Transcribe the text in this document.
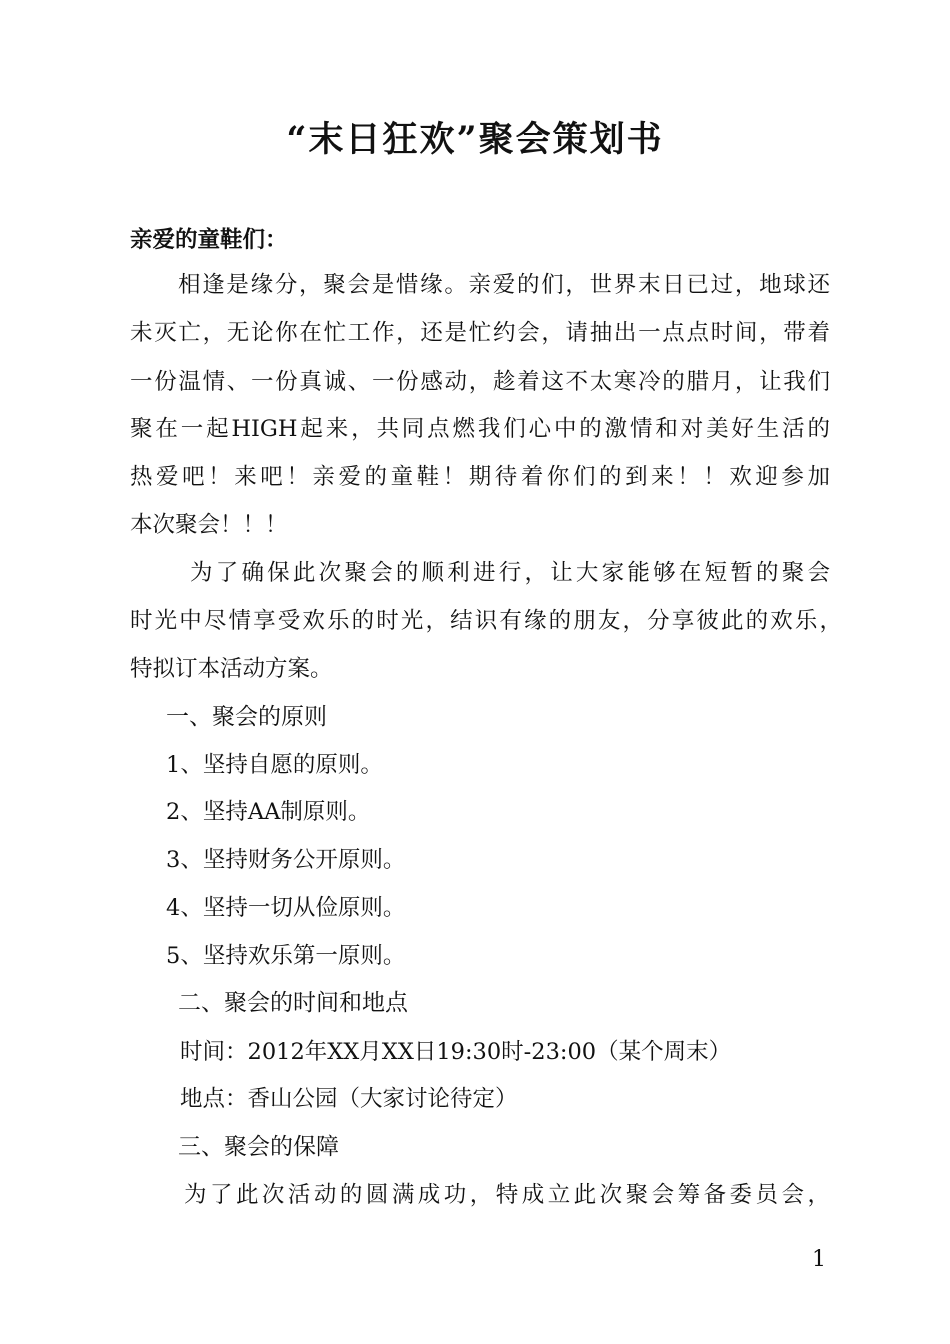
“末日狂欢”聚会策划书

亲爱的童鞋们：

相逢是缘分，聚会是惜缘。亲爱的们，世界末日已过，地球还

未灭亡，无论你在忙工作，还是忙约会，请抽出一点点时间，带着

一份温情、一份真诚、一份感动，趁着这不太寒冷的腊月，让我们

聚在一起HIGH起来，共同点燃我们心中的激情和对美好生活的

热爱吧！来吧！亲爱的童鞋！期待着你们的到来！！欢迎参加

本次聚会！！！

为了确保此次聚会的顺利进行，让大家能够在短暂的聚会

时光中尽情享受欢乐的时光，结识有缘的朋友，分享彼此的欢乐，

特拟订本活动方案。

一、聚会的原则

1、坚持自愿的原则。

2、坚持AA制原则。

3、坚持财务公开原则。

4、坚持一切从俭原则。

5、坚持欢乐第一原则。

二、聚会的时间和地点

时间：2012年XX月XX日19:30时-23:00（某个周末）

地点：香山公园（大家讨论待定）

三、聚会的保障

为了此次活动的圆满成功，特成立此次聚会筹备委员会，

1
